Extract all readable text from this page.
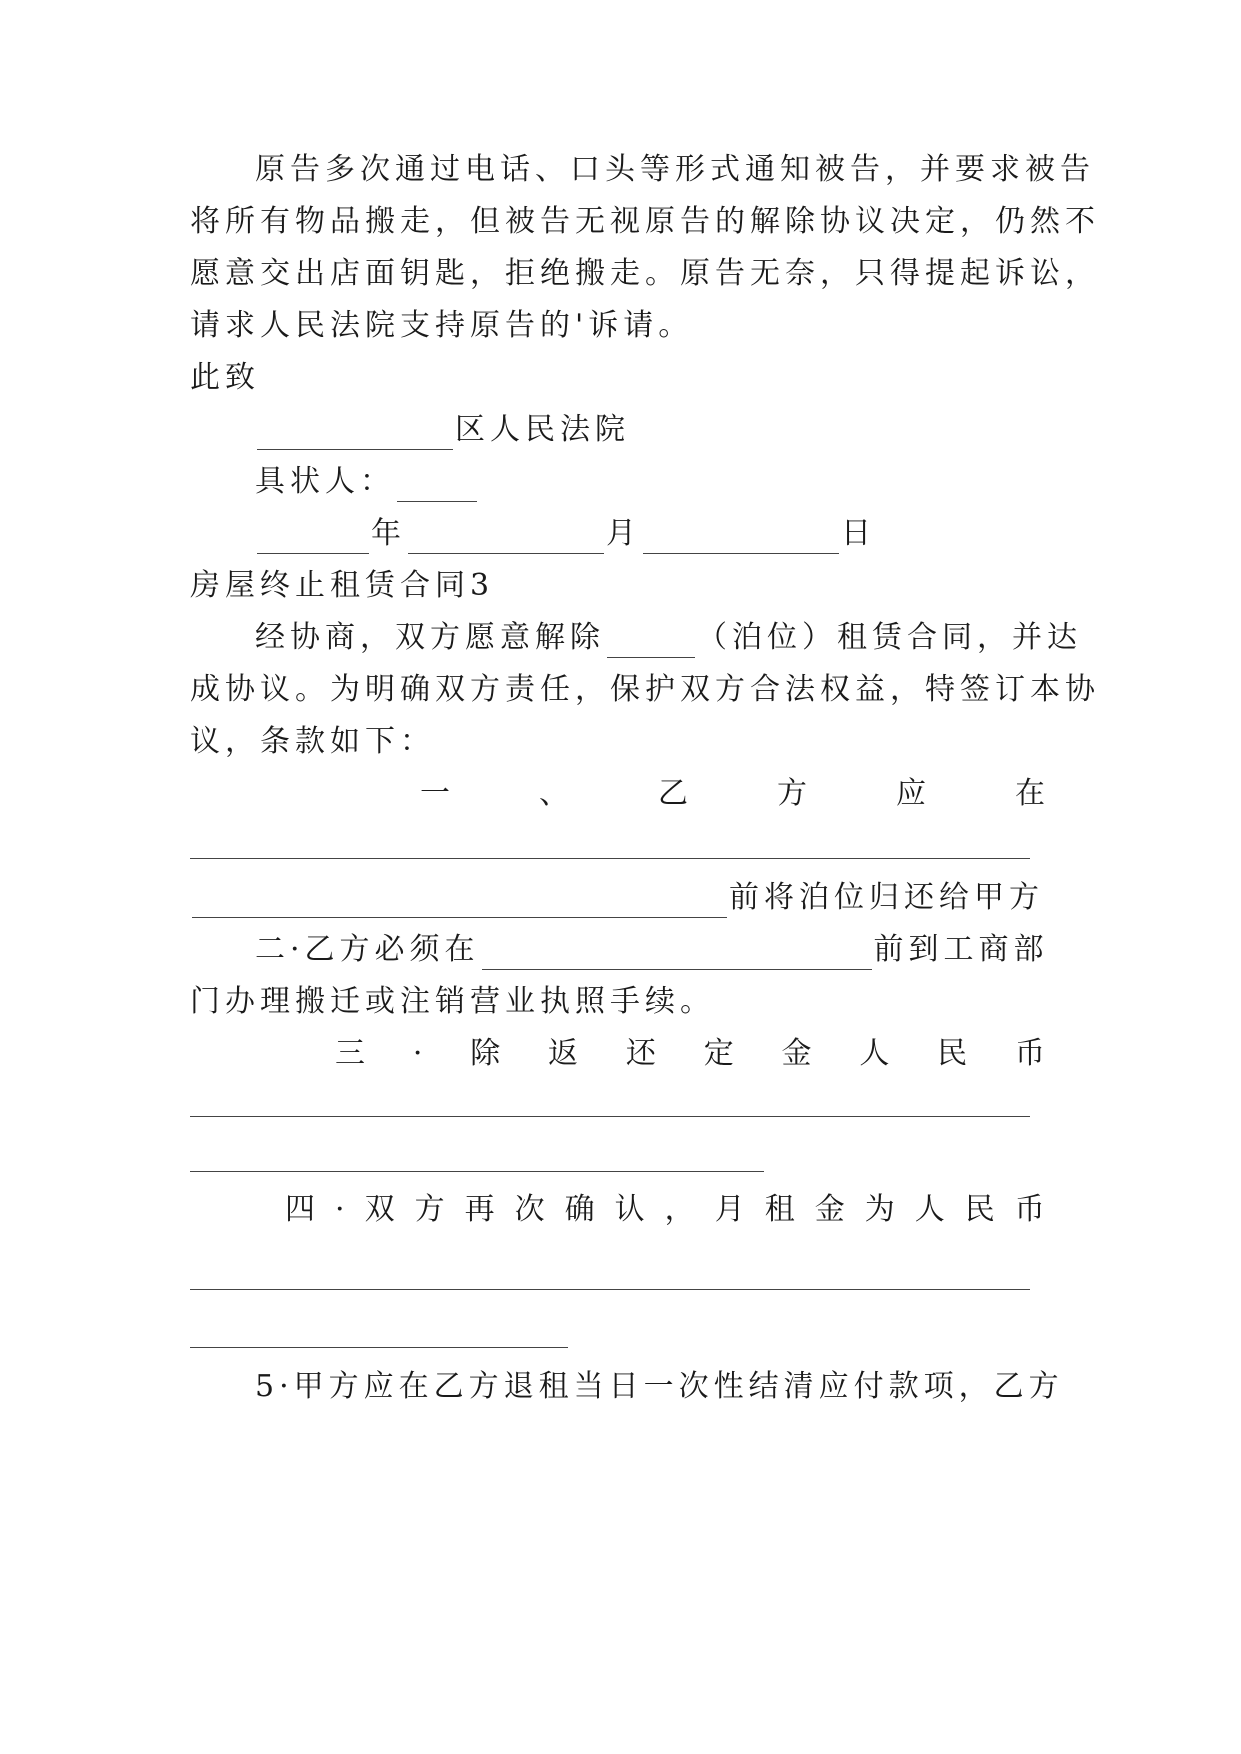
原告多次通过电话、口头等形式通知被告，并要求被告
将所有物品搬走，但被告无视原告的解除协议决定，仍然不
愿意交出店面钥匙，拒绝搬走。原告无奈，只得提起诉讼，
请求人民法院支持原告的'诉请。
此致
区人民法院
具状人：
年	月	日
房屋终止租赁合同3
经协商，双方愿意解除	（泊位）租赁合同，并达
成协议。为明确双方责任，保护双方合法权益，特签订本协
议，条款如下：
一	、	乙	方	应	在
前将泊位归还给甲方
二·乙方必须在	前到工商部
门办理搬迁或注销营业执照手续。
三 · 除 返 还 定 金 人 民 币
四 · 双 方 再 次 确 认 ， 月 租 金 为 人 民 币
5·甲方应在乙方退租当日一次性结清应付款项，乙方
